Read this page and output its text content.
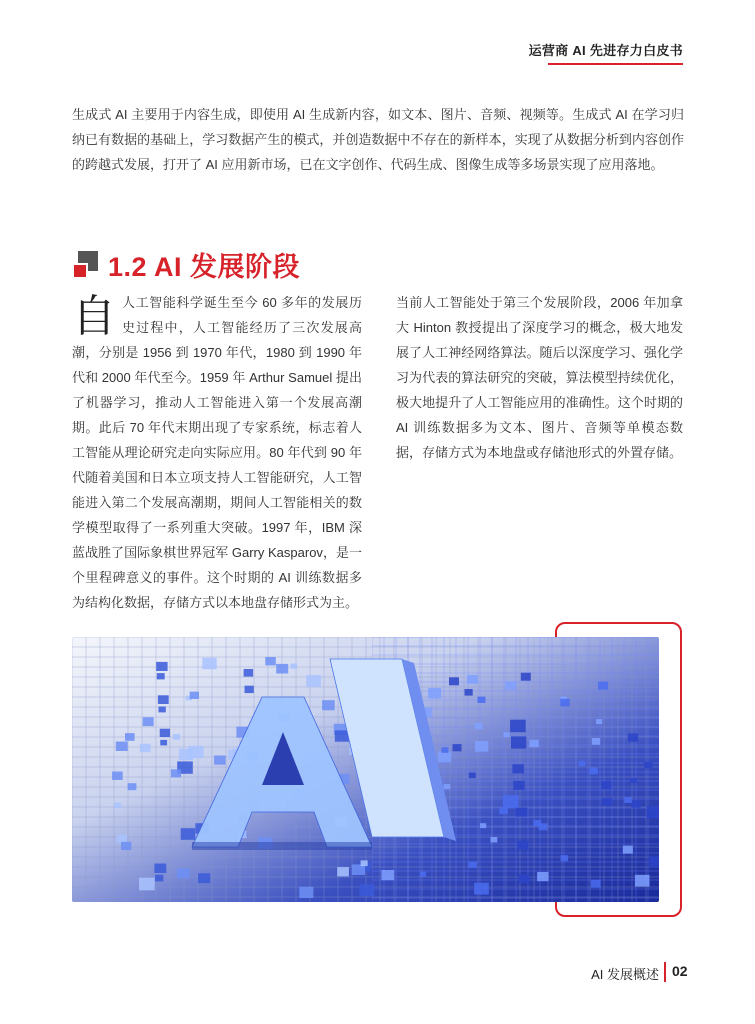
运营商 AI 先进存力白皮书
生成式 AI 主要用于内容生成，即使用 AI 生成新内容，如文本、图片、音频、视频等。生成式 AI 在学习归纳已有数据的基础上，学习数据产生的模式，并创造数据中不存在的新样本，实现了从数据分析到内容创作的跨越式发展，打开了 AI 应用新市场，已在文字创作、代码生成、图像生成等多场景实现了应用落地。
1.2 AI 发展阶段
自 人工智能科学诞生至今 60 多年的发展历史过程中，人工智能经历了三次发展高潮，分别是 1956 到 1970 年代，1980 到 1990 年代和 2000 年代至今。1959 年 Arthur Samuel 提出了机器学习，推动人工智能进入第一个发展高潮期。此后 70 年代末期出现了专家系统，标志着人工智能从理论研究走向实际应用。80 年代到 90 年代随着美国和日本立项支持人工智能研究，人工智能进入第二个发展高潮期，期间人工智能相关的数学模型取得了一系列重大突破。1997 年，IBM 深蓝战胜了国际象棋世界冠军 Garry Kasparov，是一个里程碑意义的事件。这个时期的 AI 训练数据多为结构化数据，存储方式以本地盘存储形式为主。
当前人工智能处于第三个发展阶段，2006 年加拿大 Hinton 教授提出了深度学习的概念，极大地发展了人工神经网络算法。随后以深度学习、强化学习为代表的算法研究的突破，算法模型持续优化，极大地提升了人工智能应用的准确性。这个时期的 AI 训练数据多为文本、图片、音频等单模态数据，存储方式为本地盘或存储池形式的外置存储。
AI 发展概述 02
